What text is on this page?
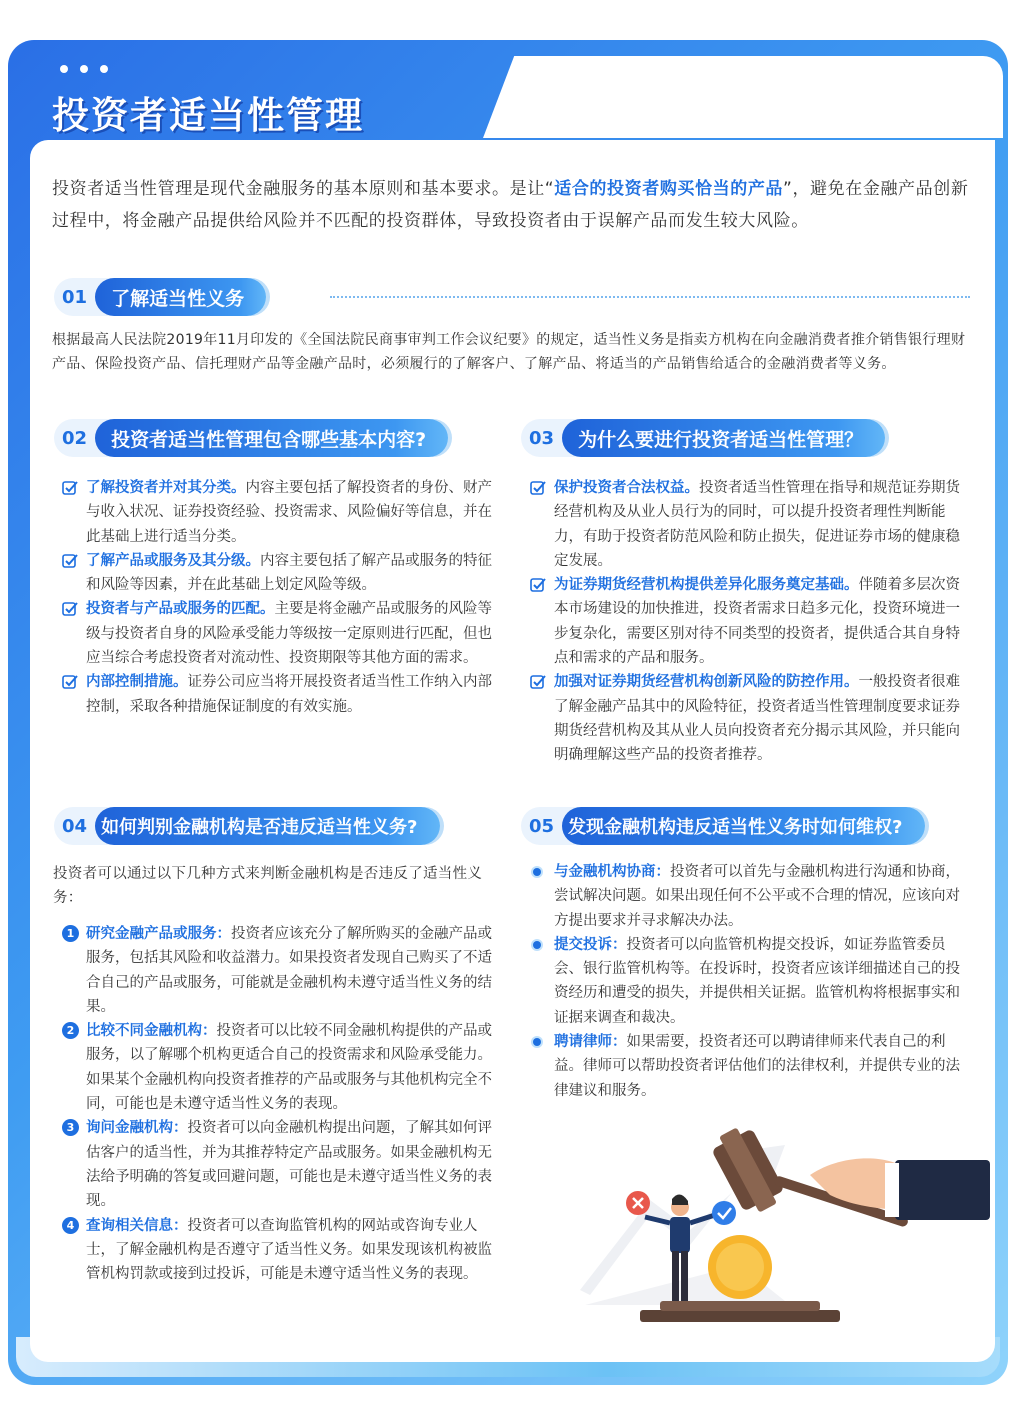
投资者适当性管理
投资者适当性管理是现代金融服务的基本原则和基本要求。是让“适合的投资者购买恰当的产品”，避免在金融产品创新过程中，将金融产品提供给风险并不匹配的投资群体，导致投资者由于误解产品而发生较大风险。
01	了解适当性义务
根据最高人民法院2019年11月印发的《全国法院民商事审判工作会议纪要》的规定，适当性义务是指卖方机构在向金融消费者推介销售银行理财产品、保险投资产品、信托理财产品等金融产品时，必须履行的了解客户、了解产品、将适当的产品销售给适合的金融消费者等义务。
02	投资者适当性管理包含哪些基本内容?
了解投资者并对其分类。内容主要包括了解投资者的身份、财产与收入状况、证券投资经验、投资需求、风险偏好等信息，并在此基础上进行适当分类。
了解产品或服务及其分级。内容主要包括了解产品或服务的特征和风险等因素，并在此基础上划定风险等级。
投资者与产品或服务的匹配。主要是将金融产品或服务的风险等级与投资者自身的风险承受能力等级按一定原则进行匹配，但也应当综合考虑投资者对流动性、投资期限等其他方面的需求。
内部控制措施。证券公司应当将开展投资者适当性工作纳入内部控制，采取各种措施保证制度的有效实施。
03	为什么要进行投资者适当性管理？
保护投资者合法权益。投资者适当性管理在指导和规范证券期货经营机构及从业人员行为的同时，可以提升投资者理性判断能力，有助于投资者防范风险和防止损失，促进证券市场的健康稳定发展。
为证券期货经营机构提供差异化服务奠定基础。伴随着多层次资本市场建设的加快推进，投资者需求日趋多元化，投资环境进一步复杂化，需要区别对待不同类型的投资者，提供适合其自身特点和需求的产品和服务。
加强对证券期货经营机构创新风险的防控作用。一般投资者很难了解金融产品其中的风险特征，投资者适当性管理制度要求证券期货经营机构及其从业人员向投资者充分揭示其风险，并只能向明确理解这些产品的投资者推荐。
04 如何判别金融机构是否违反适当性义务?
投资者可以通过以下几种方式来判断金融机构是否违反了适当性义务：
1 研究金融产品或服务：投资者应该充分了解所购买的金融产品或服务，包括其风险和收益潜力。如果投资者发现自己购买了不适合自己的产品或服务，可能就是金融机构未遵守适当性义务的结果。
2 比较不同金融机构：投资者可以比较不同金融机构提供的产品或服务，以了解哪个机构更适合自己的投资需求和风险承受能力。如果某个金融机构向投资者推荐的产品或服务与其他机构完全不同，可能也是未遵守适当性义务的表现。
3 询问金融机构：投资者可以向金融机构提出问题，了解其如何评估客户的适当性，并为其推荐特定产品或服务。如果金融机构无法给予明确的答复或回避问题，可能也是未遵守适当性义务的表现。
4 查询相关信息：投资者可以查询监管机构的网站或咨询专业人士，了解金融机构是否遵守了适当性义务。如果发现该机构被监管机构罚款或接到过投诉，可能是未遵守适当性义务的表现。
05 发现金融机构违反适当性义务时如何维权?
与金融机构协商：投资者可以首先与金融机构进行沟通和协商，尝试解决问题。如果出现任何不公平或不合理的情况，应该向对方提出要求并寻求解决办法。
提交投诉：投资者可以向监管机构提交投诉，如证券监管委员会、银行监管机构等。在投诉时，投资者应该详细描述自己的投资经历和遭受的损失，并提供相关证据。监管机构将根据事实和证据来调查和裁决。
聘请律师：如果需要，投资者还可以聘请律师来代表自己的利益。律师可以帮助投资者评估他们的法律权利，并提供专业的法律建议和服务。
